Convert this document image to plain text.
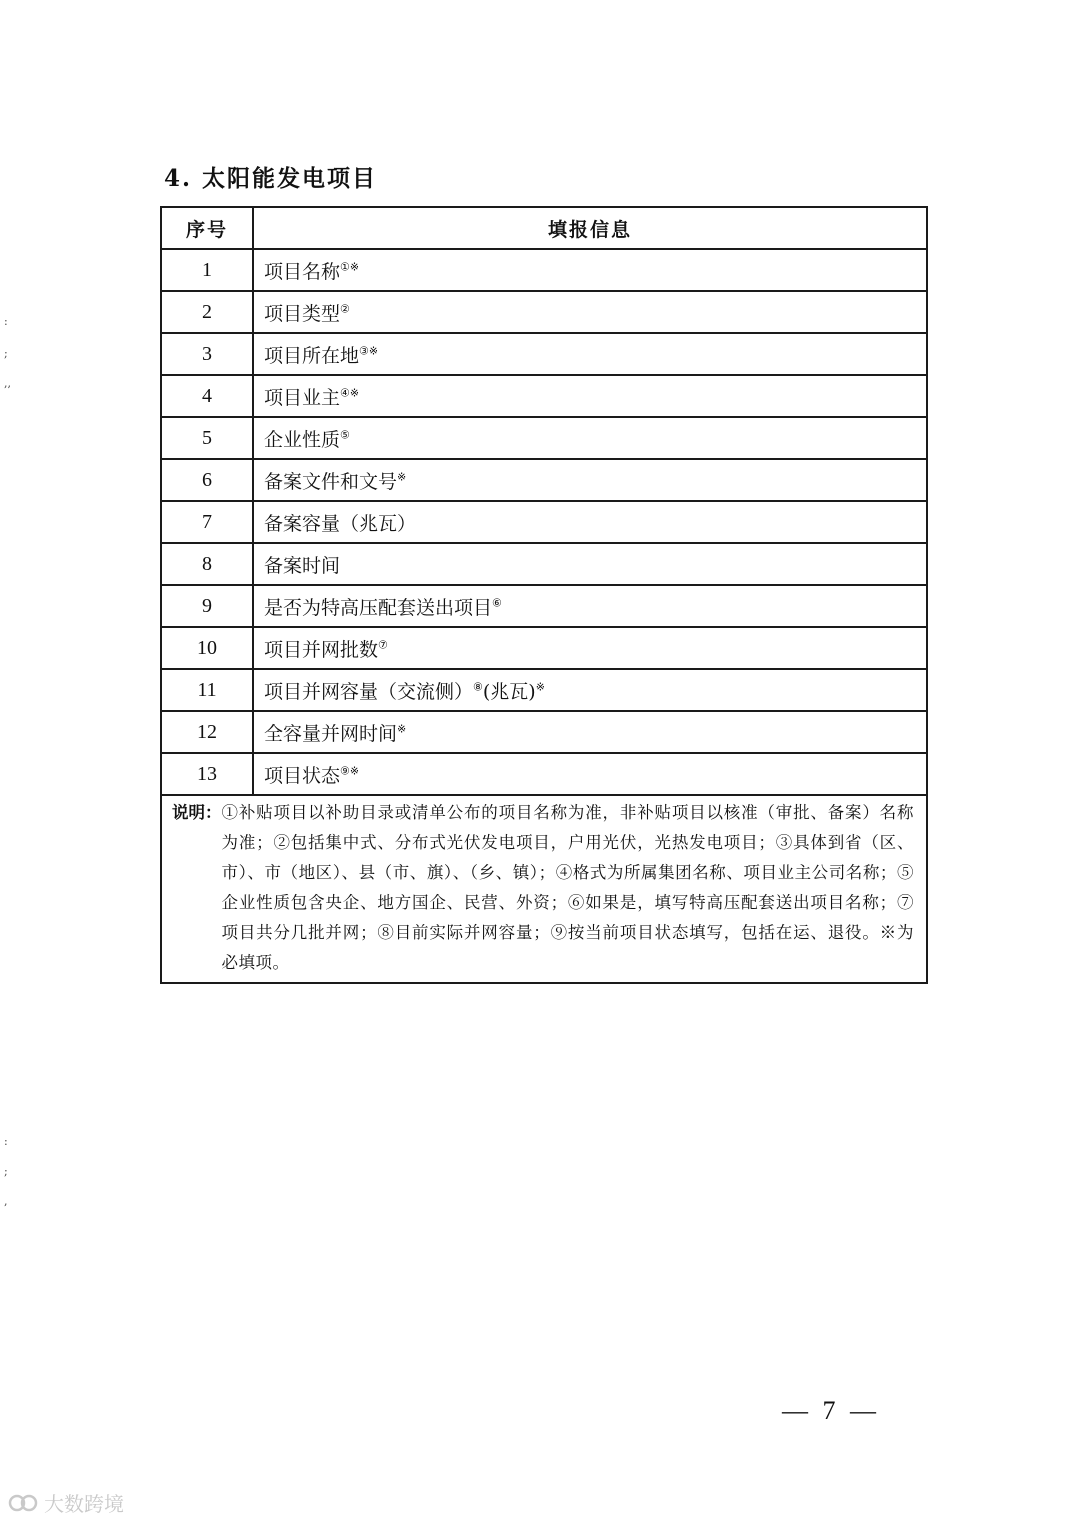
4. 太阳能发电项目
序号	填报信息
1	项目名称①※
2	项目类型②
3	项目所在地③※
4	项目业主④※
5	企业性质⑤
6	备案文件和文号※
7	备案容量（兆瓦）
8	备案时间
9	是否为特高压配套送出项目⑥
10	项目并网批数⑦
11	项目并网容量（交流侧）⑧(兆瓦)※
12	全容量并网时间※
13	项目状态⑨※

说明： ①补贴项目以补助目录或清单公布的项目名称为准，非补贴项目以核准（审批、备案）名称为准；②包括集中式、分布式光伏发电项目，户用光伏，光热发电项目；③具体到省（区、市）、市（地区）、县（市、旗）、（乡、镇）；④格式为所属集团名称、项目业主公司名称；⑤企业性质包含央企、地方国企、民营、外资；⑥如果是，填写特高压配套送出项目名称；⑦项目共分几批并网；⑧目前实际并网容量；⑨按当前项目状态填写，包括在运、退役。※为必填项。	
:
;
,,
:
;
,
— 7 —
大数跨境
